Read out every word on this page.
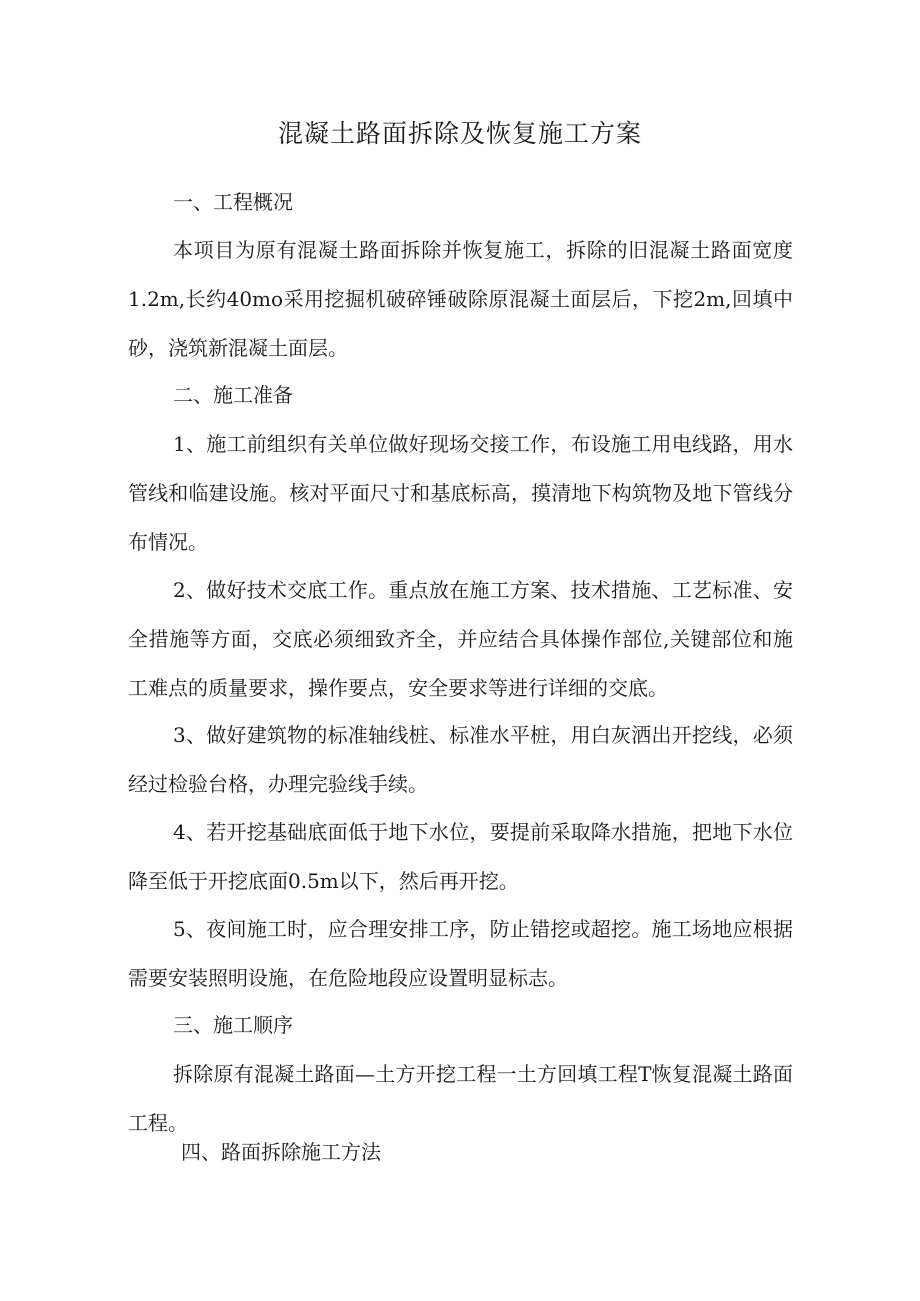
混凝土路面拆除及恢复施工方案
一、工程概况

本项目为原有混凝土路面拆除并恢复施工，拆除的旧混凝土路面宽度1.2m,长约40mo采用挖掘机破碎锤破除原混凝土面层后，下挖2m,回填中砂，浇筑新混凝土面层。

二、施工准备

1、施工前组织有关单位做好现场交接工作，布设施工用电线路，用水管线和临建设施。核对平面尺寸和基底标高，摸清地下构筑物及地下管线分布情况。

2、做好技术交底工作。重点放在施工方案、技术措施、工艺标准、安全措施等方面，交底必须细致齐全，并应结合具体操作部位,关键部位和施工难点的质量要求，操作要点，安全要求等进行详细的交底。

3、做好建筑物的标准轴线桩、标准水平桩，用白灰洒出开挖线，必须经过检验台格，办理完验线手续。

4、若开挖基础底面低于地下水位，要提前采取降水措施，把地下水位降至低于开挖底面0.5m以下，然后再开挖。

5、夜间施工时，应合理安排工序，防止错挖或超挖。施工场地应根据需要安装照明设施，在危险地段应设置明显标志。

三、施工顺序

拆除原有混凝土路面—土方开挖工程一土方回填工程T恢复混凝土路面工程。

四、路面拆除施工方法
